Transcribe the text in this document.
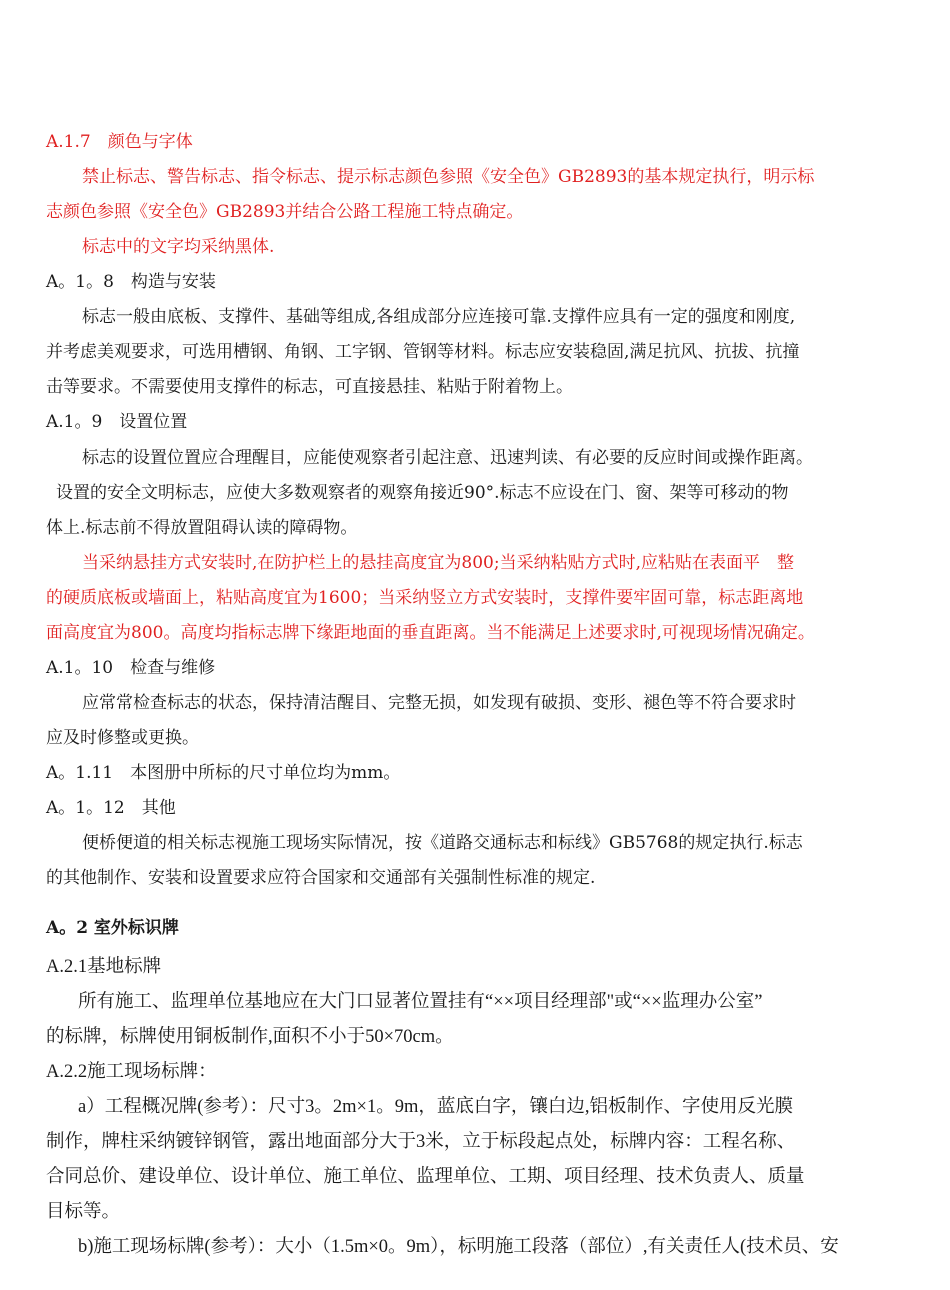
A.1.7　颜色与字体
禁止标志、警告标志、指令标志、提示标志颜色参照《安全色》GB2893的基本规定执行，明示标
志颜色参照《安全色》GB2893并结合公路工程施工特点确定。
标志中的文字均采纳黑体.
A。1。8　构造与安装
标志一般由底板、支撑件、基础等组成,各组成部分应连接可靠.支撑件应具有一定的强度和刚度,
并考虑美观要求，可选用槽钢、角钢、工字钢、管钢等材料。标志应安装稳固,满足抗风、抗拔、抗撞
击等要求。不需要使用支撑件的标志，可直接悬挂、粘贴于附着物上。
A.1。9　设置位置
标志的设置位置应合理醒目，应能使观察者引起注意、迅速判读、有必要的反应时间或操作距离。
设置的安全文明标志，应使大多数观察者的观察角接近90°.标志不应设在门、窗、架等可移动的物
体上.标志前不得放置阻碍认读的障碍物。
当采纳悬挂方式安装时,在防护栏上的悬挂高度宜为800;当采纳粘贴方式时,应粘贴在表面平　整
的硬质底板或墙面上，粘贴高度宜为1600；当采纳竖立方式安装时，支撑件要牢固可靠，标志距离地
面高度宜为800。高度均指标志牌下缘距地面的垂直距离。当不能满足上述要求时,可视现场情况确定。
A.1。10　检查与维修
应常常检查标志的状态，保持清洁醒目、完整无损，如发现有破损、变形、褪色等不符合要求时
应及时修整或更换。
A。1.11　本图册中所标的尺寸单位均为mm。
A。1。12　其他
便桥便道的相关标志视施工现场实际情况，按《道路交通标志和标线》GB5768的规定执行.标志
的其他制作、安装和设置要求应符合国家和交通部有关强制性标准的规定.
A。2 室外标识牌
A.2.1基地标牌
所有施工、监理单位基地应在大门口显著位置挂有“××项目经理部"或“××监理办公室”
的标牌，标牌使用铜板制作,面积不小于50×70cm。
A.2.2施工现场标牌：
a）工程概况牌(参考）：尺寸3。2m×1。9m，蓝底白字，镶白边,铝板制作、字使用反光膜
制作，牌柱采纳镀锌钢管，露出地面部分大于3米，立于标段起点处，标牌内容：工程名称、
合同总价、建设单位、设计单位、施工单位、监理单位、工期、项目经理、技术负责人、质量
目标等。
b)施工现场标牌(参考）：大小（1.5m×0。9m），标明施工段落（部位）,有关责任人(技术员、安
